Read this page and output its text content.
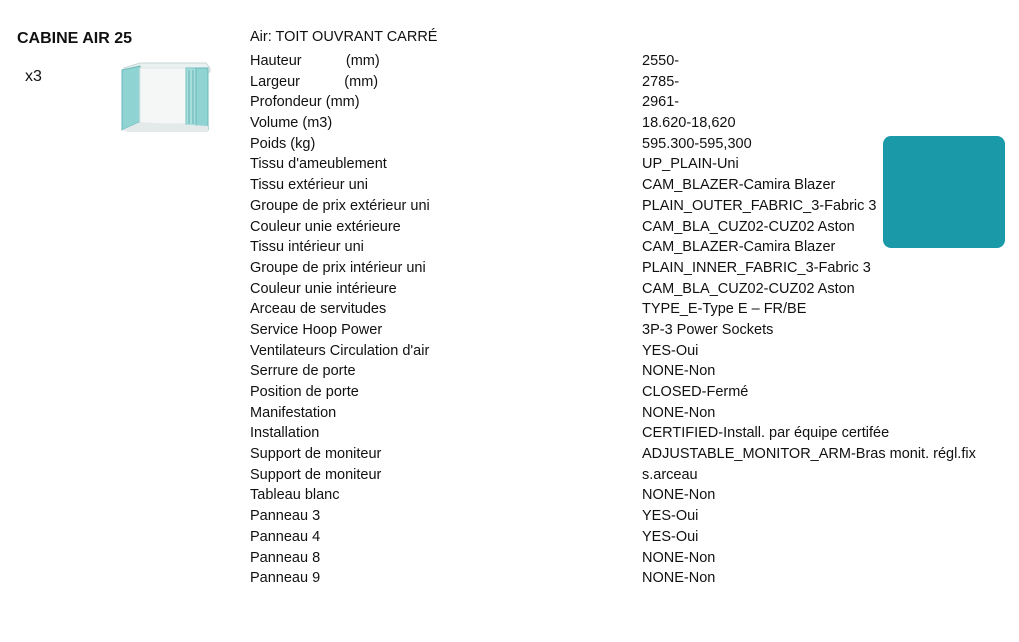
CABINE AIR 25
x3
Air: TOIT OUVRANT CARRÉ
Hauteur           (mm)	2550-
Largeur           (mm)	2785-
Profondeur (mm)	2961-
Volume (m3)	18.620-18,620
Poids (kg)	595.300-595,300
Tissu d'ameublement	UP_PLAIN-Uni
Tissu extérieur uni	CAM_BLAZER-Camira Blazer
Groupe de prix extérieur uni	PLAIN_OUTER_FABRIC_3-Fabric 3
Couleur unie extérieure	CAM_BLA_CUZ02-CUZ02 Aston
Tissu intérieur uni	CAM_BLAZER-Camira Blazer
Groupe de prix intérieur uni	PLAIN_INNER_FABRIC_3-Fabric 3
Couleur unie intérieure	CAM_BLA_CUZ02-CUZ02 Aston
Arceau de servitudes	TYPE_E-Type E – FR/BE
Service Hoop Power	3P-3 Power Sockets
Ventilateurs Circulation d'air	YES-Oui
Serrure de porte	NONE-Non
Position de porte	CLOSED-Fermé
Manifestation	NONE-Non
Installation	CERTIFIED-Install. par équipe certifée
Support de moniteur	ADJUSTABLE_MONITOR_ARM-Bras monit. régl.fix
Support de moniteur	s.arceau
Tableau blanc	NONE-Non
Panneau 3	YES-Oui
Panneau 4	YES-Oui
Panneau 8	NONE-Non
Panneau 9	NONE-Non
